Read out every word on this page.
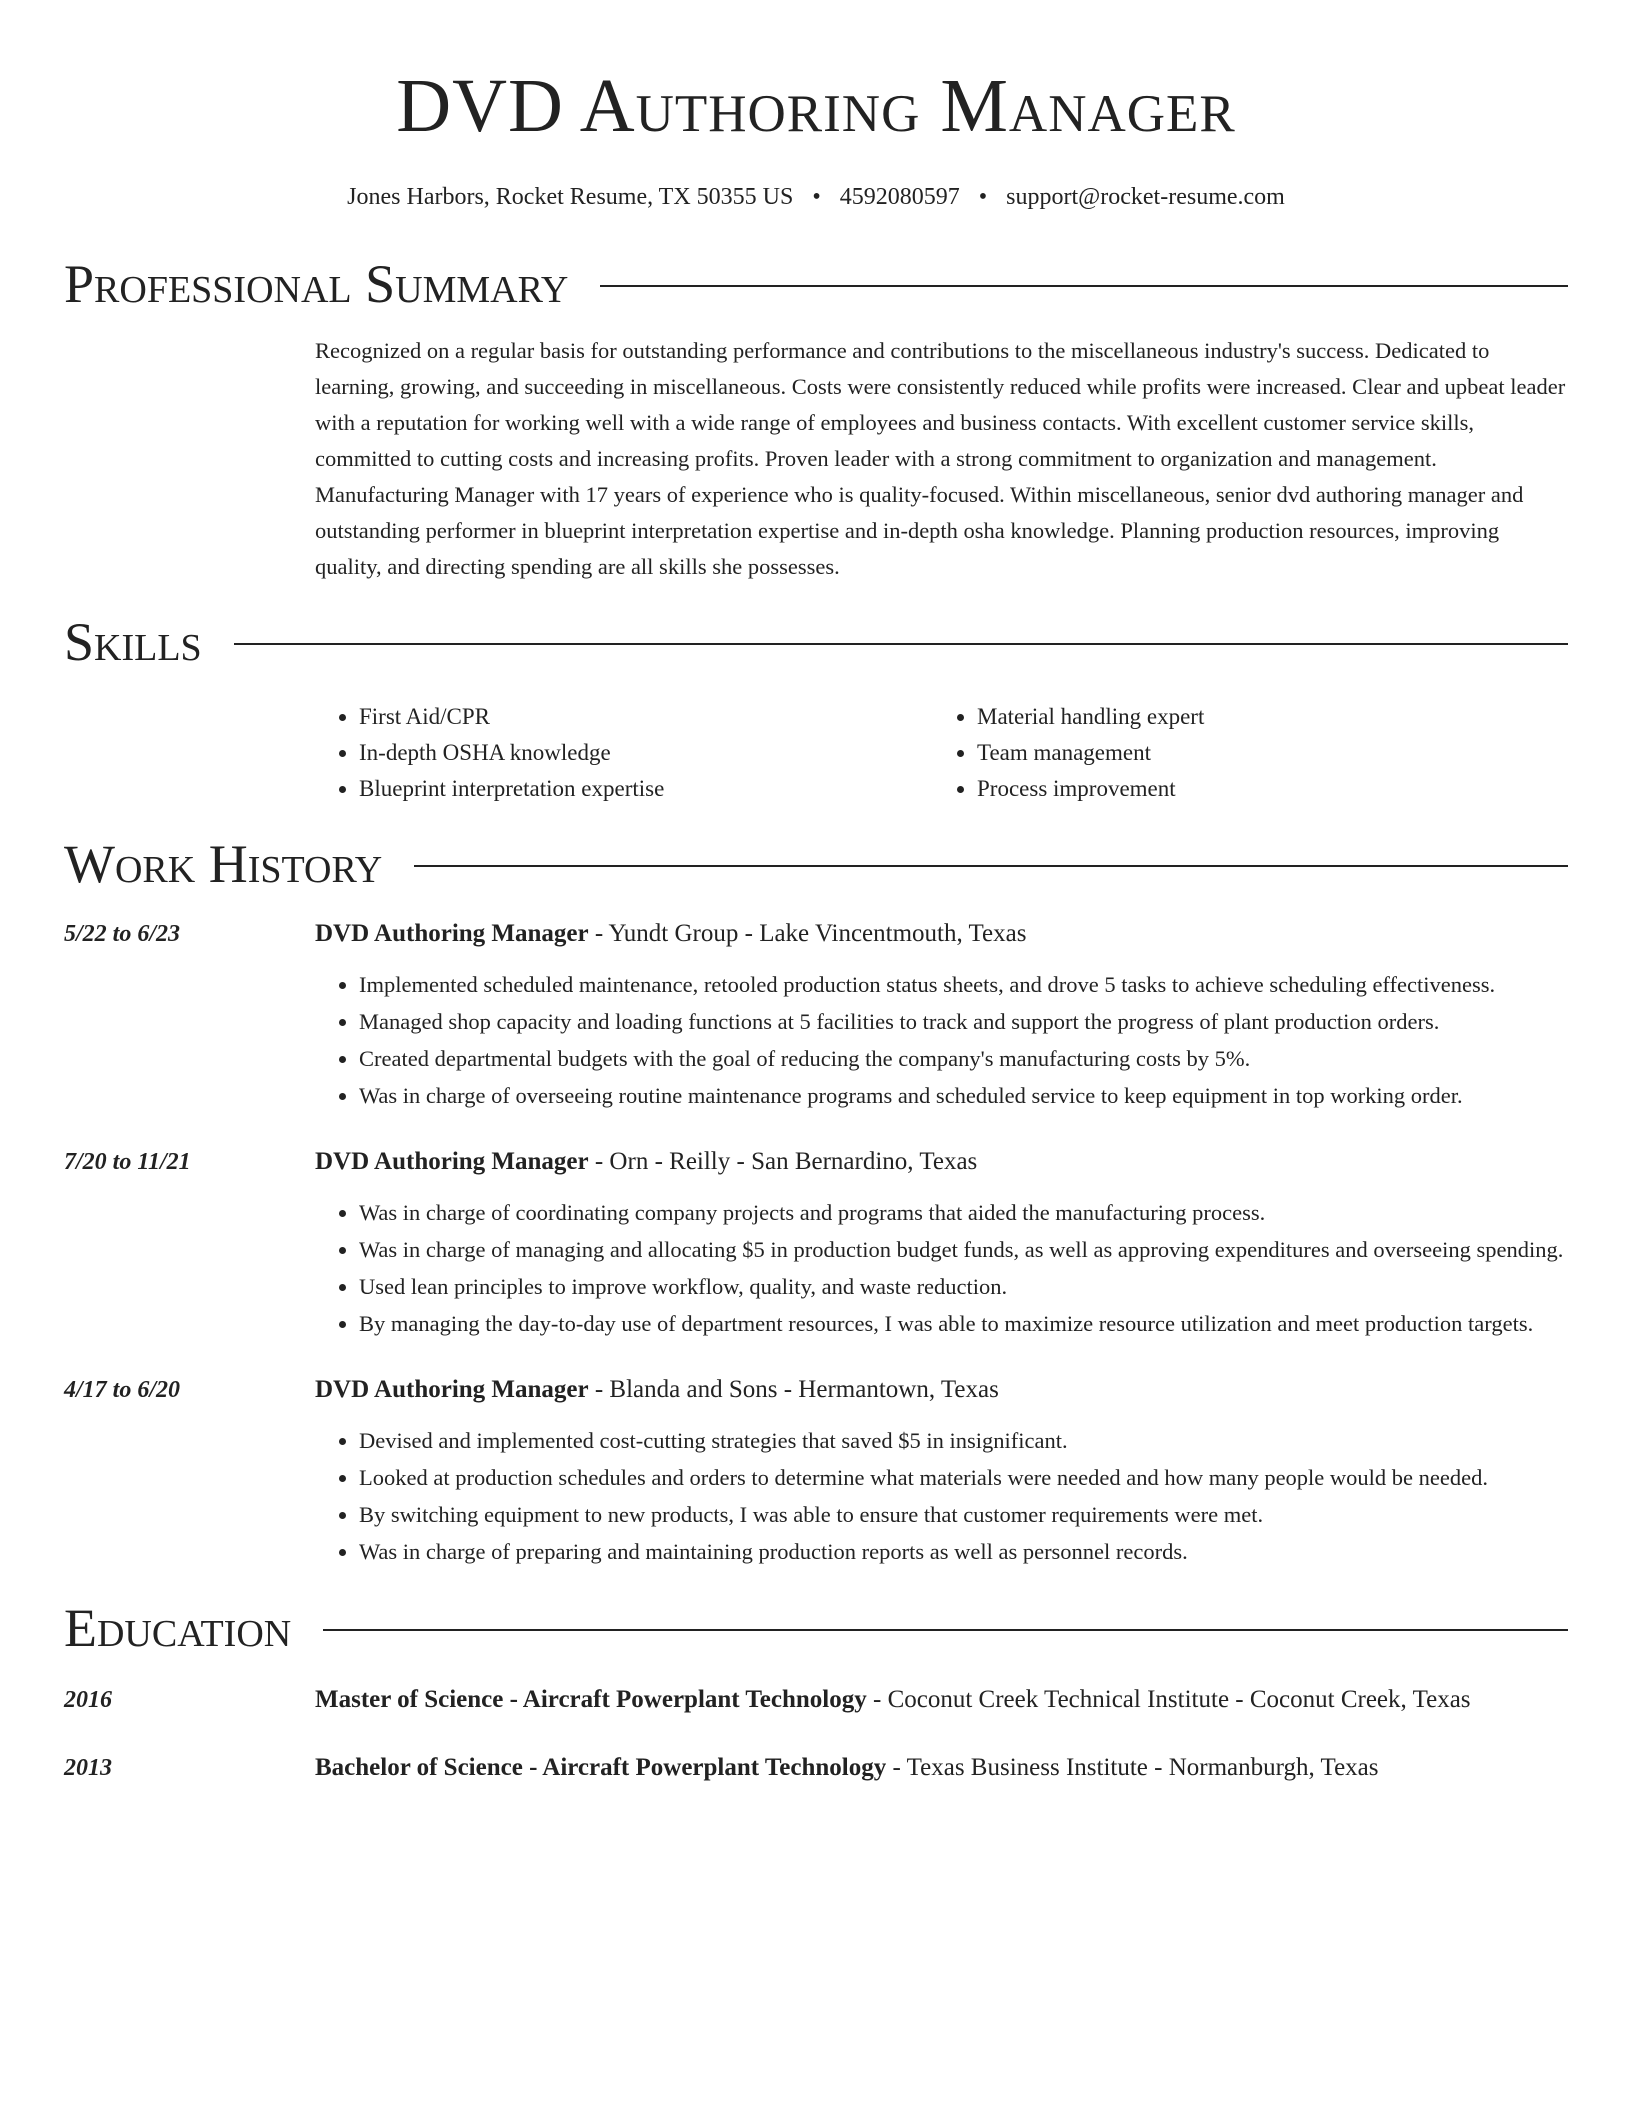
DVD Authoring Manager
Jones Harbors, Rocket Resume, TX 50355 US • 4592080597 • support@rocket-resume.com
Professional Summary
Recognized on a regular basis for outstanding performance and contributions to the miscellaneous industry's success. Dedicated to learning, growing, and succeeding in miscellaneous. Costs were consistently reduced while profits were increased. Clear and upbeat leader with a reputation for working well with a wide range of employees and business contacts. With excellent customer service skills, committed to cutting costs and increasing profits. Proven leader with a strong commitment to organization and management. Manufacturing Manager with 17 years of experience who is quality-focused. Within miscellaneous, senior dvd authoring manager and outstanding performer in blueprint interpretation expertise and in-depth osha knowledge. Planning production resources, improving quality, and directing spending are all skills she possesses.
Skills
• First Aid/CPR
• In-depth OSHA knowledge
• Blueprint interpretation expertise
• Material handling expert
• Team management
• Process improvement
Work History
5/22 to 6/23	DVD Authoring Manager - Yundt Group - Lake Vincentmouth, Texas
• Implemented scheduled maintenance, retooled production status sheets, and drove 5 tasks to achieve scheduling effectiveness.
• Managed shop capacity and loading functions at 5 facilities to track and support the progress of plant production orders.
• Created departmental budgets with the goal of reducing the company's manufacturing costs by 5%.
• Was in charge of overseeing routine maintenance programs and scheduled service to keep equipment in top working order.
7/20 to 11/21	DVD Authoring Manager - Orn - Reilly - San Bernardino, Texas
• Was in charge of coordinating company projects and programs that aided the manufacturing process.
• Was in charge of managing and allocating $5 in production budget funds, as well as approving expenditures and overseeing spending.
• Used lean principles to improve workflow, quality, and waste reduction.
• By managing the day-to-day use of department resources, I was able to maximize resource utilization and meet production targets.
4/17 to 6/20	DVD Authoring Manager - Blanda and Sons - Hermantown, Texas
• Devised and implemented cost-cutting strategies that saved $5 in insignificant.
• Looked at production schedules and orders to determine what materials were needed and how many people would be needed.
• By switching equipment to new products, I was able to ensure that customer requirements were met.
• Was in charge of preparing and maintaining production reports as well as personnel records.
Education
2016	Master of Science - Aircraft Powerplant Technology - Coconut Creek Technical Institute - Coconut Creek, Texas
2013	Bachelor of Science - Aircraft Powerplant Technology - Texas Business Institute - Normanburgh, Texas
